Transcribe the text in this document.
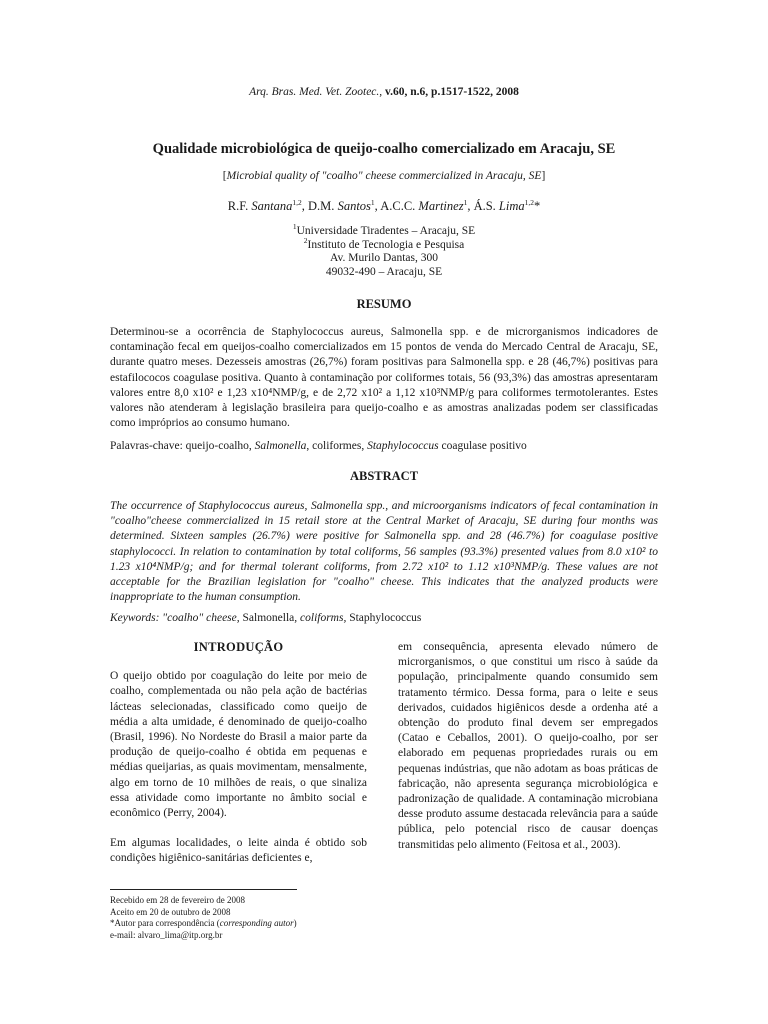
Arq. Bras. Med. Vet. Zootec., v.60, n.6, p.1517-1522, 2008
Qualidade microbiológica de queijo-coalho comercializado em Aracaju, SE
[Microbial quality of "coalho" cheese commercialized in Aracaju, SE]
R.F. Santana$^{1,2}$, D.M. Santos$^1$, A.C.C. Martinez$^1$, Á.S. Lima$^{1,2}$*
$^1$Universidade Tiradentes – Aracaju, SE
$^2$Instituto de Tecnologia e Pesquisa
Av. Murilo Dantas, 300
49032-490 – Aracaju, SE
RESUMO

Determinou-se a ocorrência de Staphylococcus aureus, Salmonella spp. e de microrganismos indicadores de contaminação fecal em queijos-coalho comercializados em 15 pontos de venda do Mercado Central de Aracaju, SE, durante quatro meses. Dezesseis amostras (26,7%) foram positivas para Salmonella spp. e 28 (46,7%) positivas para estafilococos coagulase positiva. Quanto à contaminação por coliformes totais, 56 (93,3%) das amostras apresentaram valores entre 8,0 x10² e 1,23 x10⁴NMP/g, e de 2,72 x10² a 1,12 x10³NMP/g para coliformes termotolerantes. Estes valores não atenderam à legislação brasileira para queijo-coalho e as amostras analizadas podem ser classificadas como impróprios ao consumo humano.

Palavras-chave: queijo-coalho, Salmonella, coliformes, Staphylococcus coagulase positivo

ABSTRACT

The occurrence of Staphylococcus aureus, Salmonella spp., and microorganisms indicators of fecal contamination in "coalho"cheese commercialized in 15 retail store at the Central Market of Aracaju, SE during four months was determined. Sixteen samples (26.7%) were positive for Salmonella spp. and 28 (46.7%) for coagulase positive staphylococci. In relation to contamination by total coliforms, 56 samples (93.3%) presented values from 8.0 x10² to 1.23 x10⁴NMP/g; and for thermal tolerant coliforms, from 2.72 x10² to 1.12 x10³NMP/g. These values are not acceptable for the Brazilian legislation for "coalho" cheese. This indicates that the analyzed products were inappropriate to the human consumption.

Keywords: "coalho" cheese, Salmonella, coliforms, Staphylococcus

INTRODUÇÃO

O queijo obtido por coagulação do leite por meio de coalho, complementada ou não pela ação de bactérias lácteas selecionadas, classificado como queijo de média a alta umidade, é denominado de queijo-coalho (Brasil, 1996). No Nordeste do Brasil a maior parte da produção de queijo-coalho é obtida em pequenas e médias queijarias, as quais movimentam, mensalmente, algo em torno de 10 milhões de reais, o que sinaliza essa atividade como importante no âmbito social e econômico (Perry, 2004).

Em algumas localidades, o leite ainda é obtido sob condições higiênico-sanitárias deficientes e,

em consequência, apresenta elevado número de microrganismos, o que constitui um risco à saúde da população, principalmente quando consumido sem tratamento térmico. Dessa forma, para o leite e seus derivados, cuidados higiênicos desde a ordenha até a obtenção do produto final devem ser empregados (Catao e Ceballos, 2001). O queijo-coalho, por ser elaborado em pequenas propriedades rurais ou em pequenas indústrias, que não adotam as boas práticas de fabricação, não apresenta segurança microbiológica e padronização de qualidade. A contaminação microbiana desse produto assume destacada relevância para a saúde pública, pelo potencial risco de causar doenças transmitidas pelo alimento (Feitosa et al., 2003).

Recebido em 28 de fevereiro de 2008
Aceito em 20 de outubro de 2008
*Autor para correspondência (corresponding autor)
e-mail: alvaro_lima@itp.org.br
